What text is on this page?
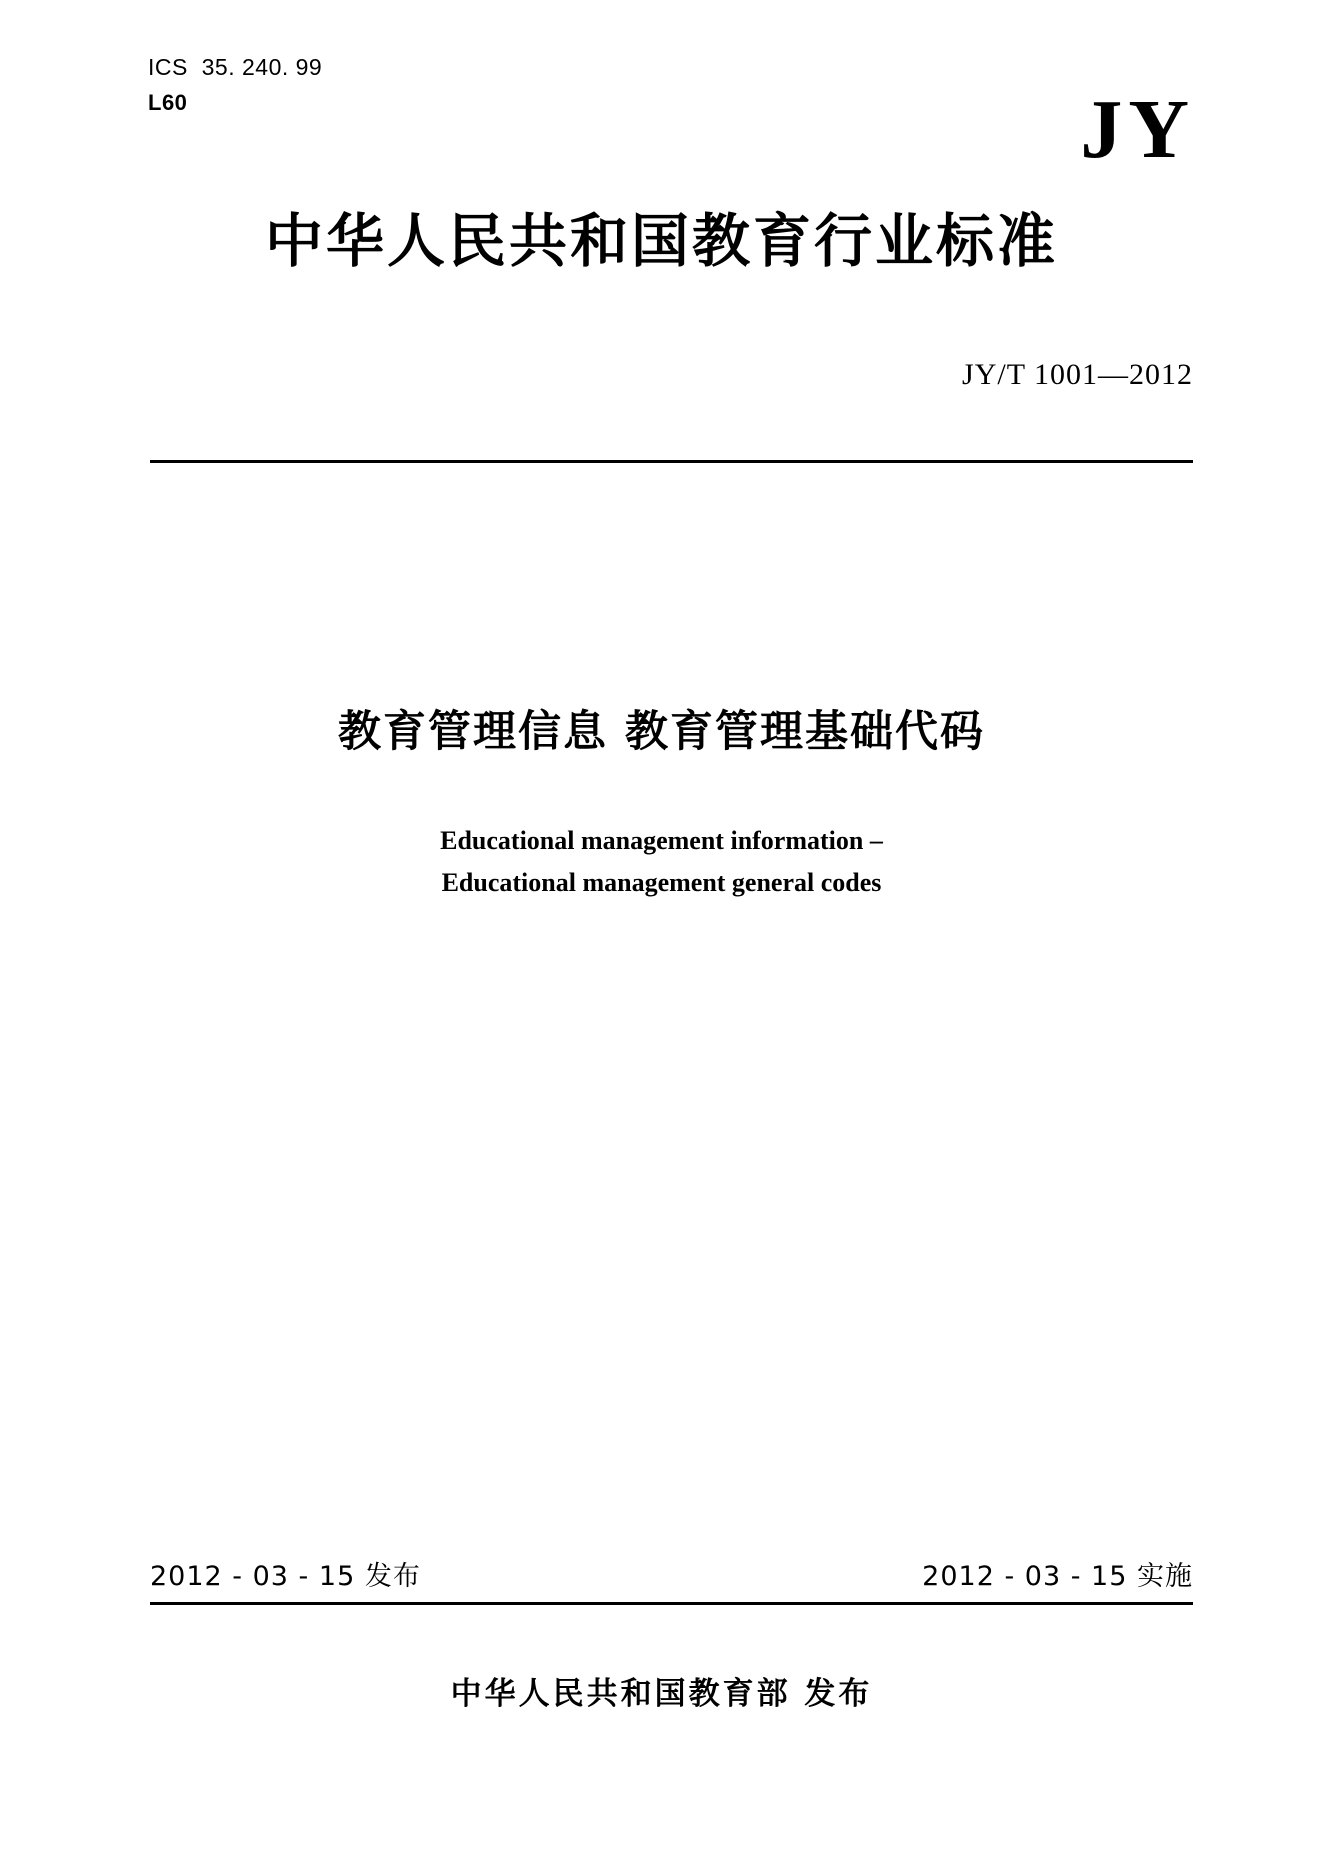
ICS  35. 240. 99
L60	JY
中华人民共和国教育行业标准
JY/T 1001—2012
教育管理信息 教育管理基础代码
Educational management information –
Educational management general codes
2012 - 03 - 15 发布	2012 - 03 - 15 实施
中华人民共和国教育部 发布
